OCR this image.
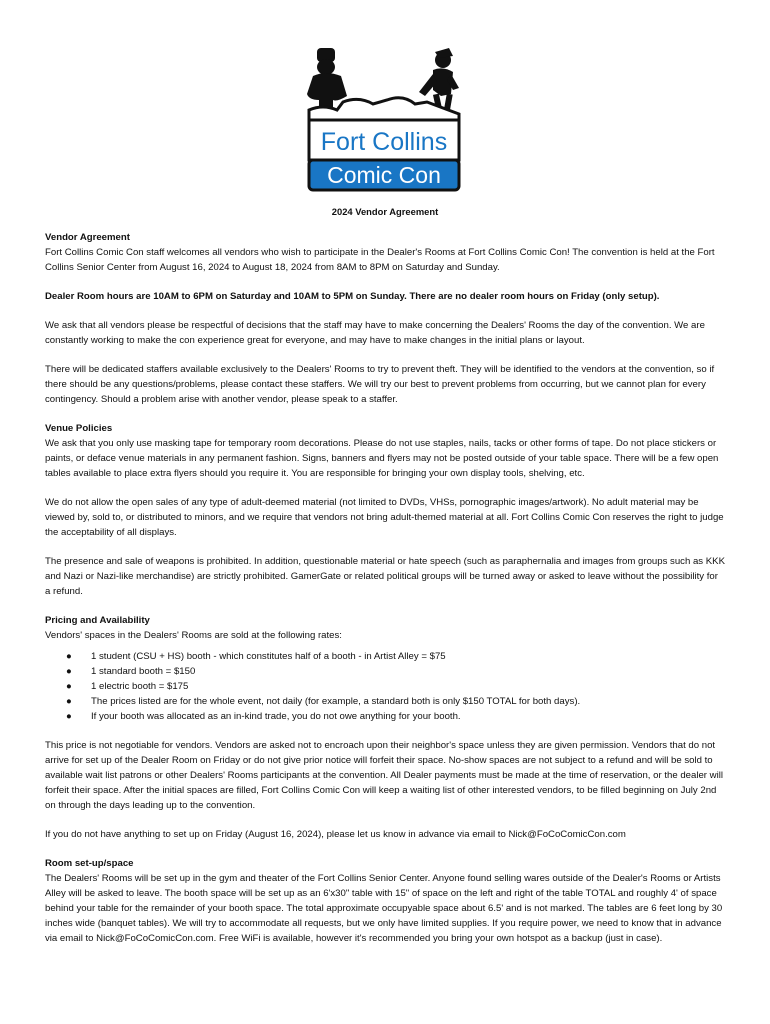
Fort Collins
Comic Con
2024 Vendor Agreement
Vendor Agreement
Fort Collins Comic Con staff welcomes all vendors who wish to participate in the Dealer's Rooms at Fort Collins Comic Con! The convention is held at the Fort Collins Senior Center from August 16, 2024 to August 18, 2024 from 8AM to 8PM on Saturday and Sunday.

Dealer Room hours are 10AM to 6PM on Saturday and 10AM to 5PM on Sunday. There are no dealer room hours on Friday (only setup).

We ask that all vendors please be respectful of decisions that the staff may have to make concerning the Dealers' Rooms the day of the convention. We are constantly working to make the con experience great for everyone, and may have to make changes in the initial plans or layout.

There will be dedicated staffers available exclusively to the Dealers' Rooms to try to prevent theft. They will be identified to the vendors at the convention, so if there should be any questions/problems, please contact these staffers. We will try our best to prevent problems from occurring, but we cannot plan for every contingency. Should a problem arise with another vendor, please speak to a staffer.

Venue Policies

We ask that you only use masking tape for temporary room decorations. Please do not use staples, nails, tacks or other forms of tape. Do not place stickers or paints, or deface venue materials in any permanent fashion. Signs, banners and flyers may not be posted outside of your table space. There will be a few open tables available to place extra flyers should you require it. You are responsible for bringing your own display tools, shelving, etc.

We do not allow the open sales of any type of adult-deemed material (not limited to DVDs, VHSs, pornographic images/artwork). No adult material may be viewed by, sold to, or distributed to minors, and we require that vendors not bring adult-themed material at all. Fort Collins Comic Con reserves the right to judge the acceptability of all displays.

The presence and sale of weapons is prohibited. In addition, questionable material or hate speech (such as paraphernalia and images from groups such as KKK and Nazi or Nazi-like merchandise) are strictly prohibited. GamerGate or related political groups will be turned away or asked to leave without the possibility for a refund.

Pricing and Availability
Vendors' spaces in the Dealers' Rooms are sold at the following rates:
● 1 student (CSU + HS) booth - which constitutes half of a booth - in Artist Alley = $75
● 1 standard booth = $150
● 1 electric booth = $175
● The prices listed are for the whole event, not daily (for example, a standard both is only $150 TOTAL for both days).
● If your booth was allocated as an in-kind trade, you do not owe anything for your booth.

This price is not negotiable for vendors. Vendors are asked not to encroach upon their neighbor's space unless they are given permission. Vendors that do not arrive for set up of the Dealer Room on Friday or do not give prior notice will forfeit their space. No-show spaces are not subject to a refund and will be sold to available wait list patrons or other Dealers' Rooms participants at the convention. All Dealer payments must be made at the time of reservation, or the dealer will forfeit their space. After the initial spaces are filled, Fort Collins Comic Con will keep a waiting list of other interested vendors, to be filled beginning on July 2nd on through the days leading up to the convention.

If you do not have anything to set up on Friday (August 16, 2024), please let us know in advance via email to Nick@FoCoComicCon.com

Room set-up/space
The Dealers' Rooms will be set up in the gym and theater of the Fort Collins Senior Center. Anyone found selling wares outside of the Dealer's Rooms or Artists Alley will be asked to leave. The booth space will be set up as an 6'x30" table with 15" of space on the left and right of the table TOTAL and roughly 4' of space behind your table for the remainder of your booth space. The total approximate occupyable space about 6.5' and is not marked. The tables are 6 feet long by 30 inches wide (banquet tables). We will try to accommodate all requests, but we only have limited supplies. If you require power, we need to know that in advance via email to Nick@FoCoComicCon.com. Free WiFi is available, however it's recommended you bring your own hotspot as a backup (just in case).
